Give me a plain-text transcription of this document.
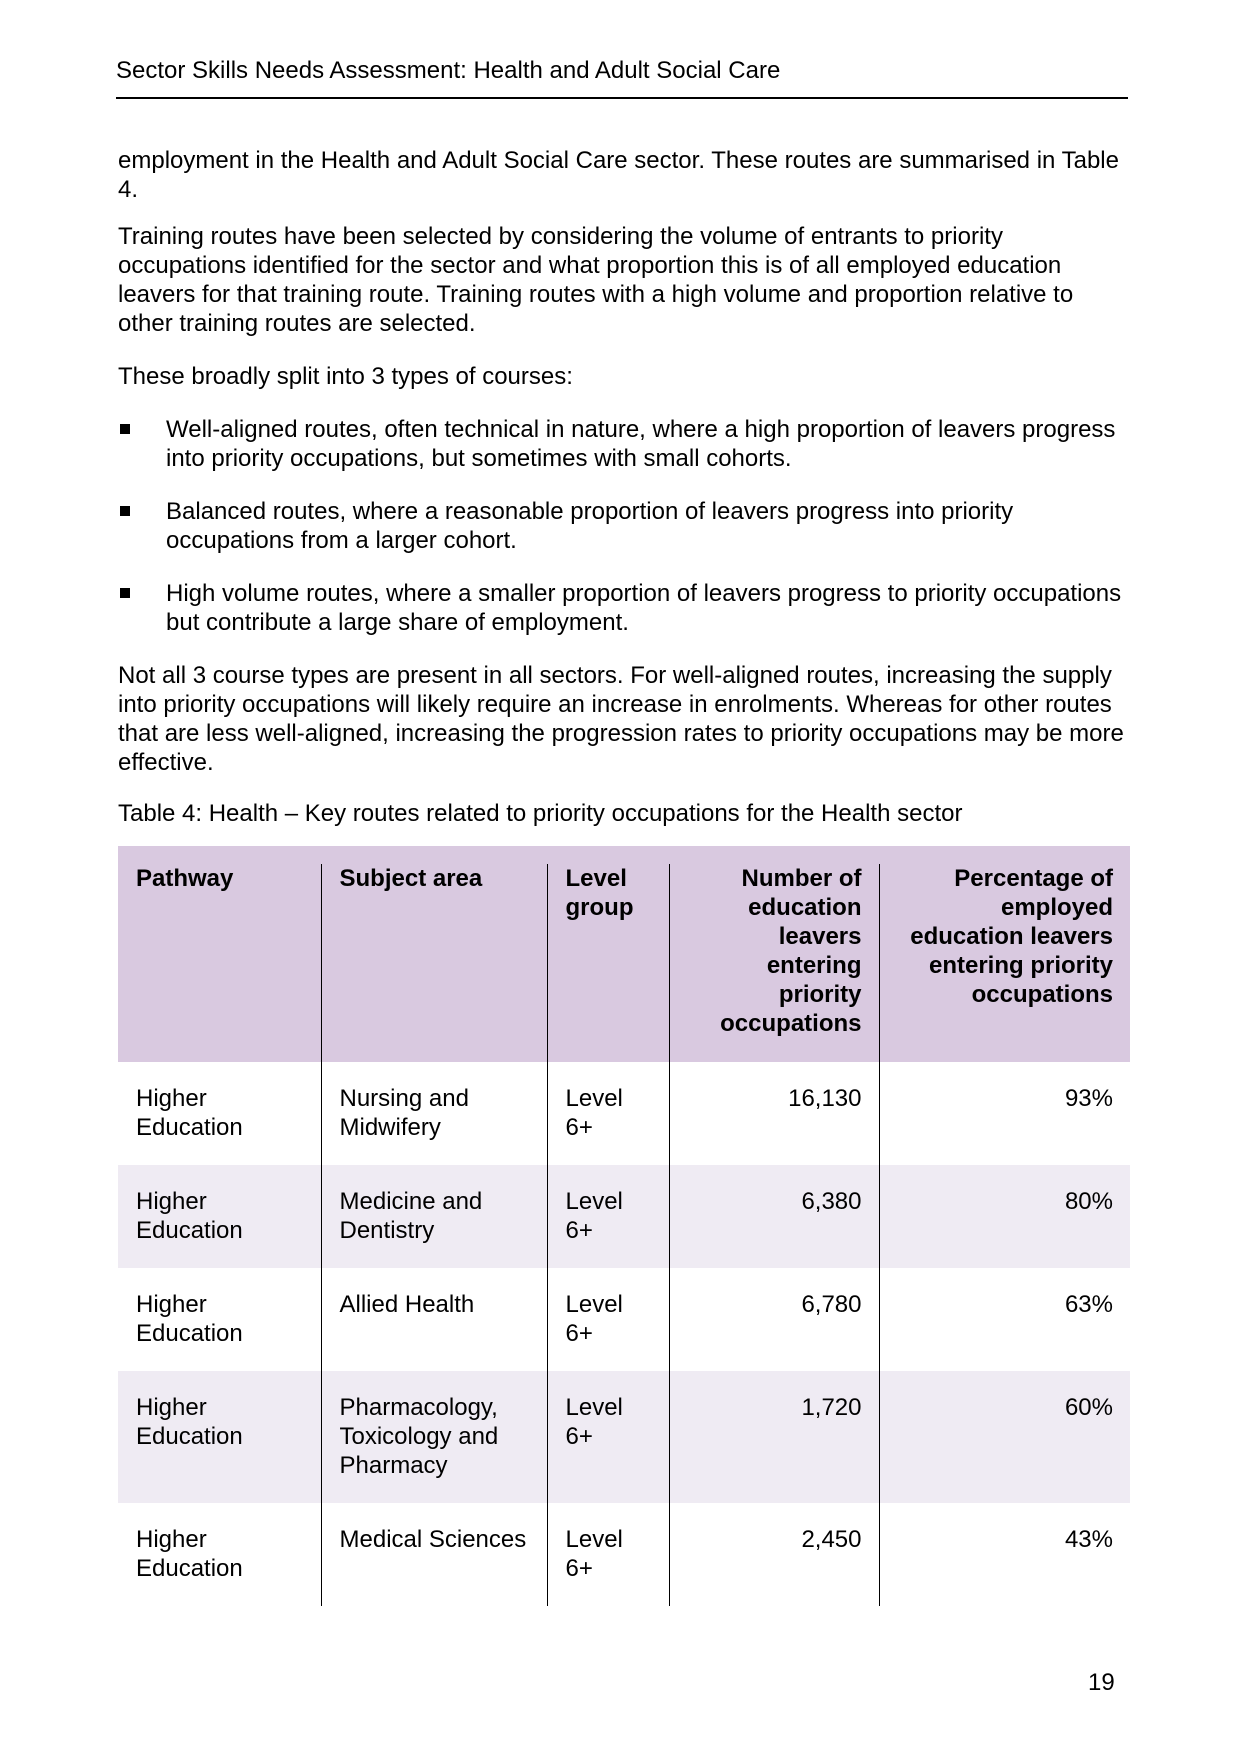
Sector Skills Needs Assessment: Health and Adult Social Care

employment in the Health and Adult Social Care sector. These routes are summarised in Table 4.

Training routes have been selected by considering the volume of entrants to priority occupations identified for the sector and what proportion this is of all employed education leavers for that training route. Training routes with a high volume and proportion relative to other training routes are selected.

These broadly split into 3 types of courses:

Well-aligned routes, often technical in nature, where a high proportion of leavers progress into priority occupations, but sometimes with small cohorts.
Balanced routes, where a reasonable proportion of leavers progress into priority occupations from a larger cohort.
High volume routes, where a smaller proportion of leavers progress to priority occupations but contribute a large share of employment.

Not all 3 course types are present in all sectors. For well-aligned routes, increasing the supply into priority occupations will likely require an increase in enrolments. Whereas for other routes that are less well-aligned, increasing the progression rates to priority occupations may be more effective.

Table 4: Health – Key routes related to priority occupations for the Health sector

Pathway	Subject area	Level group	Number of education leavers entering priority occupations	Percentage of employed education leavers entering priority occupations
Higher Education	Nursing and Midwifery	Level 6+	16,130	93%
Higher Education	Medicine and Dentistry	Level 6+	6,380	80%
Higher Education	Allied Health	Level 6+	6,780	63%
Higher Education	Pharmacology, Toxicology and Pharmacy	Level 6+	1,720	60%
Higher Education	Medical Sciences	Level 6+	2,450	43%
19
